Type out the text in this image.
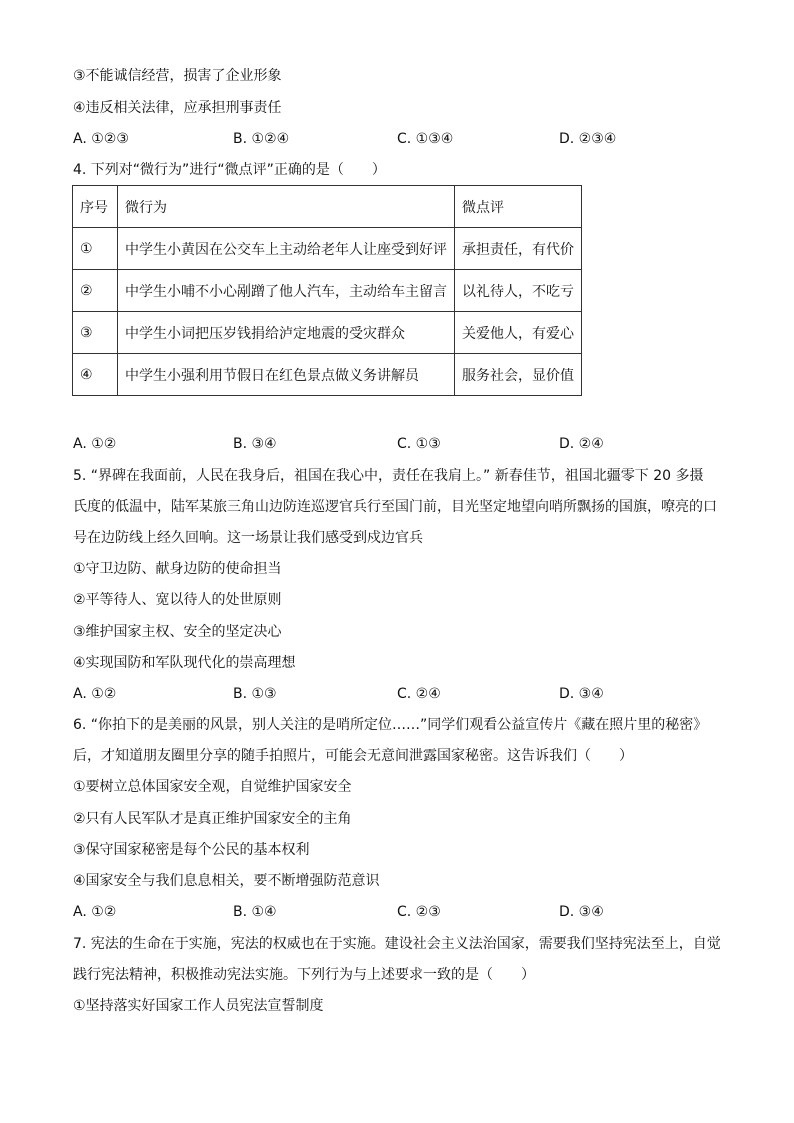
③不能诚信经营，损害了企业形象
④违反相关法律，应承担刑事责任
A. ①②③	B. ①②④	C. ①③④	D. ②③④
4. 下列对“微行为”进行“微点评”正确的是（　　）
序号	微行为	微点评
①	中学生小黄因在公交车上主动给老年人让座受到好评	承担责任，有代价
②	中学生小哺不小心剐蹭了他人汽车，主动给车主留言	以礼待人，不吃亏
③	中学生小词把压岁钱捐给泸定地震的受灾群众	关爱他人，有爱心
④	中学生小强利用节假日在红色景点做义务讲解员	服务社会，显价值
A. ①②	B. ③④	C. ①③	D. ②④
5. “界碑在我面前，人民在我身后，祖国在我心中，责任在我肩上。” 新春佳节，祖国北疆零下 20 多摄
氏度的低温中，陆军某旅三角山边防连巡逻官兵行至国门前，目光坚定地望向哨所飘扬的国旗，嘹亮的口
号在边防线上经久回响。这一场景让我们感受到戍边官兵
①守卫边防、献身边防的使命担当
②平等待人、宽以待人的处世原则
③维护国家主权、安全的坚定决心
④实现国防和军队现代化的崇高理想
A. ①②	B. ①③	C. ②④	D. ③④
6. “你拍下的是美丽的风景，别人关注的是哨所定位……”同学们观看公益宣传片《藏在照片里的秘密》
后，才知道朋友圈里分享的随手拍照片，可能会无意间泄露国家秘密。这告诉我们（　　）
①要树立总体国家安全观，自觉维护国家安全
②只有人民军队才是真正维护国家安全的主角
③保守国家秘密是每个公民的基本权利
④国家安全与我们息息相关，要不断增强防范意识
A. ①②	B. ①④	C. ②③	D. ③④
7. 宪法的生命在于实施，宪法的权威也在于实施。建设社会主义法治国家，需要我们坚持宪法至上，自觉
践行宪法精神，积极推动宪法实施。下列行为与上述要求一致的是（　　）
①坚持落实好国家工作人员宪法宣誓制度
